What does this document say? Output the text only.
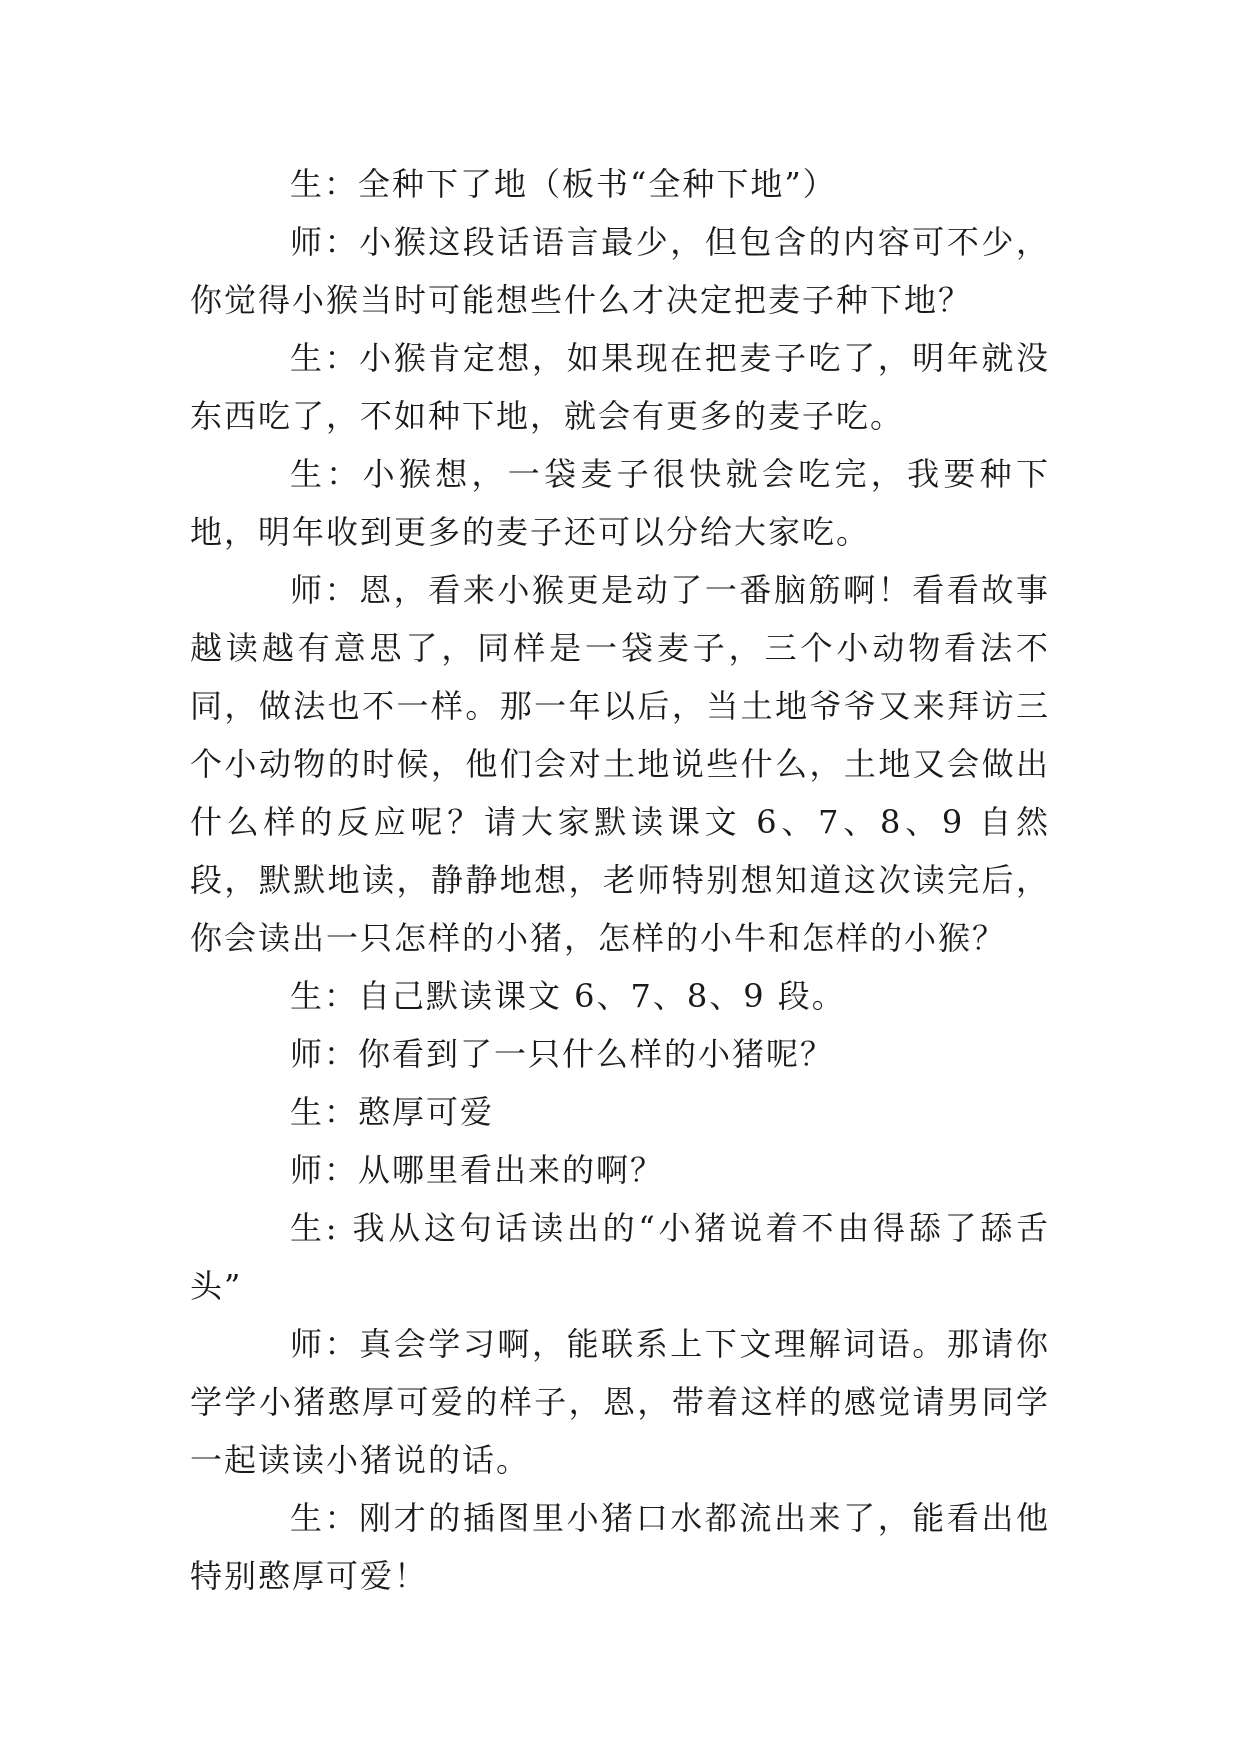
生：全种下了地（板书“全种下地”）

师：小猴这段话语言最少，但包含的内容可不少，你觉得小猴当时可能想些什么才决定把麦子种下地？

生：小猴肯定想，如果现在把麦子吃了，明年就没东西吃了，不如种下地，就会有更多的麦子吃。

生：小猴想，一袋麦子很快就会吃完，我要种下地，明年收到更多的麦子还可以分给大家吃。

师：恩，看来小猴更是动了一番脑筋啊！看看故事越读越有意思了，同样是一袋麦子，三个小动物看法不同，做法也不一样。那一年以后，当土地爷爷又来拜访三个小动物的时候，他们会对土地说些什么，土地又会做出什么样的反应呢？请大家默读课文 6、7、8、9 自然段，默默地读，静静地想，老师特别想知道这次读完后，你会读出一只怎样的小猪，怎样的小牛和怎样的小猴？

生：自己默读课文 6、7、8、9 段。

师：你看到了一只什么样的小猪呢？

生：憨厚可爱

师：从哪里看出来的啊？

生: 我从这句话读出的“小猪说着不由得舔了舔舌头”

师：真会学习啊，能联系上下文理解词语。那请你学学小猪憨厚可爱的样子，恩，带着这样的感觉请男同学一起读读小猪说的话。

生：刚才的插图里小猪口水都流出来了，能看出他特别憨厚可爱！
